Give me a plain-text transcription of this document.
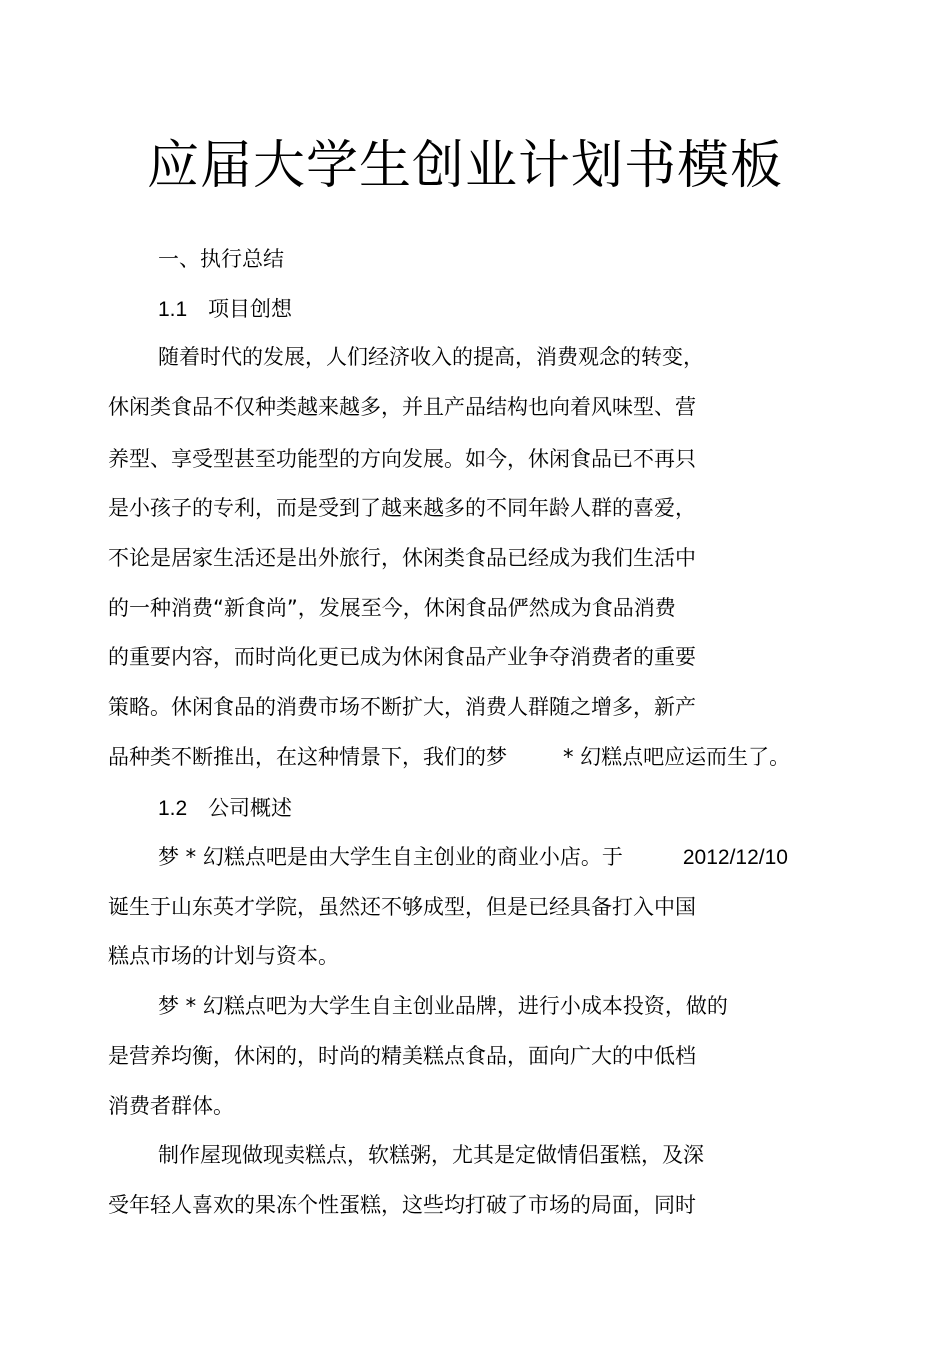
应届大学生创业计划书模板
一、执行总结
1.1 项目创想
随着时代的发展，人们经济收入的提高，消费观念的转变，
休闲类食品不仅种类越来越多，并且产品结构也向着风味型、营
养型、享受型甚至功能型的方向发展。如今，休闲食品已不再只
是小孩子的专利，而是受到了越来越多的不同年龄人群的喜爱，
不论是居家生活还是出外旅行，休闲类食品已经成为我们生活中
的一种消费“新食尚”，发展至今，休闲食品俨然成为食品消费
的重要内容，而时尚化更已成为休闲食品产业争夺消费者的重要
策略。休闲食品的消费市场不断扩大，消费人群随之增多，新产
品种类不断推出，在这种情景下，我们的梦	* 幻糕点吧应运而生了。
1.2 公司概述
梦 * 幻糕点吧是由大学生自主创业的商业小店。于	2012/12/10
诞生于山东英才学院，虽然还不够成型，但是已经具备打入中国
糕点市场的计划与资本。
梦 * 幻糕点吧为大学生自主创业品牌，进行小成本投资，做的
是营养均衡，休闲的，时尚的精美糕点食品，面向广大的中低档
消费者群体。
制作屋现做现卖糕点，软糕粥，尤其是定做情侣蛋糕，及深
受年轻人喜欢的果冻个性蛋糕，这些均打破了市场的局面，同时
